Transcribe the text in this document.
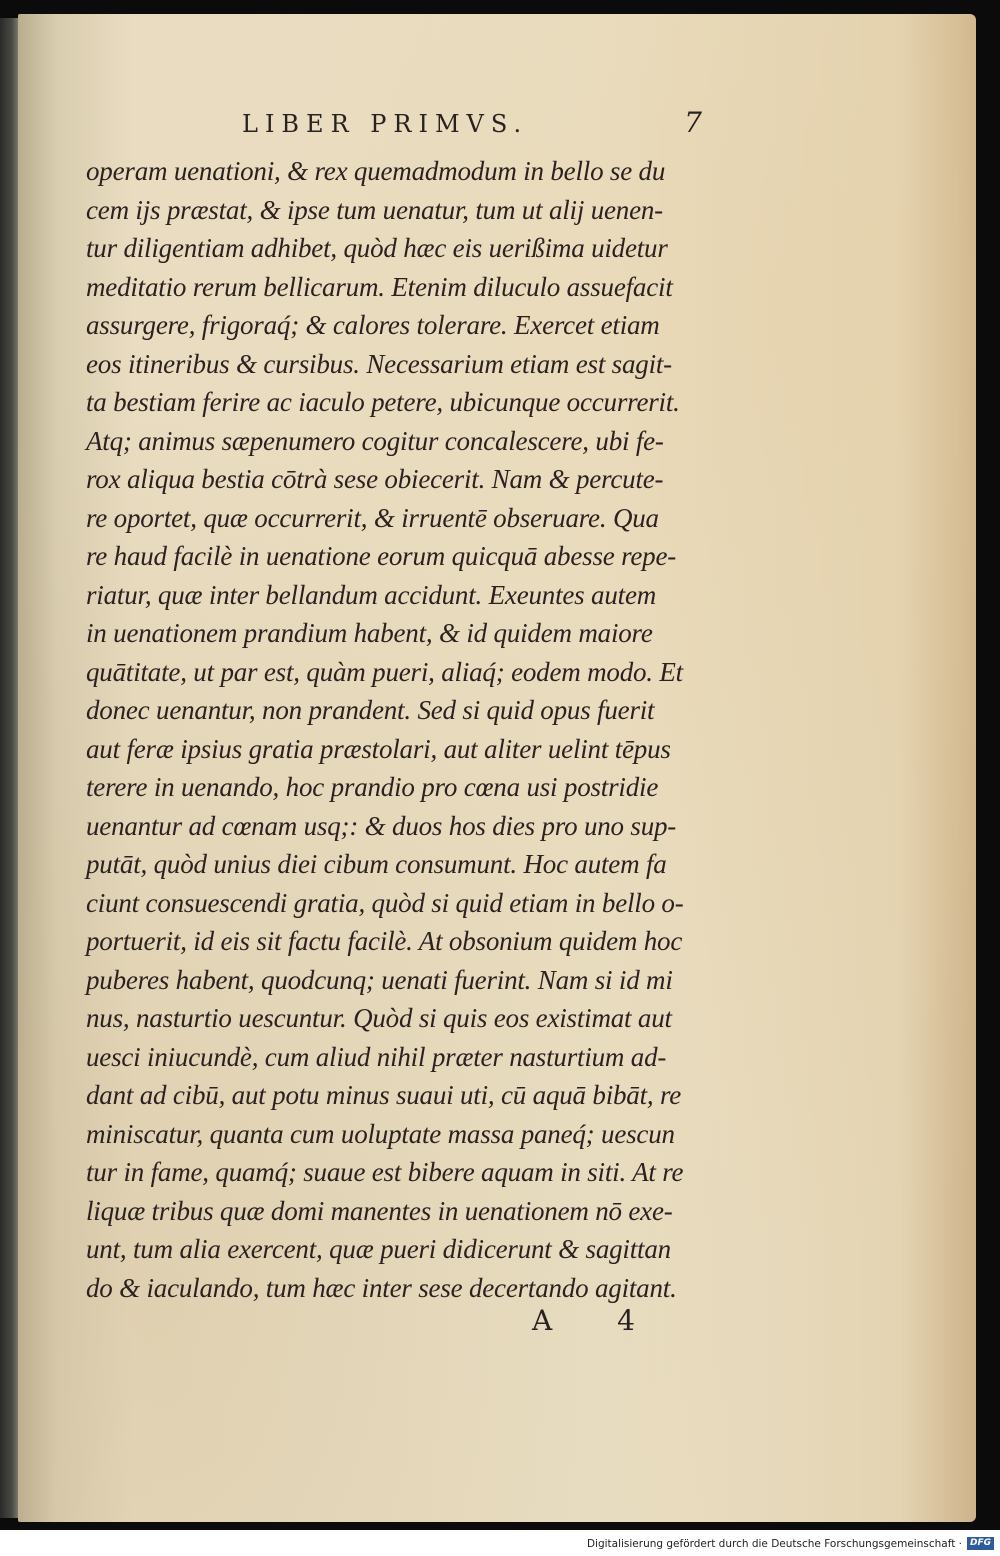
LIBER PRIMVS.	7
operam uenationi, & rex quemadmodum in bello se du
cem ijs præstat, & ipse tum uenatur, tum ut alij uenen-
tur diligentiam adhibet, quòd hæc eis uerißima uidetur
meditatio rerum bellicarum. Etenim diluculo assuefacit
assurgere, frigoraq́; & calores tolerare. Exercet etiam
eos itineribus & cursibus. Necessarium etiam est sagit-
ta bestiam ferire ac iaculo petere, ubicunque occurrerit.
Atq; animus sæpenumero cogitur concalescere, ubi fe-
rox aliqua bestia cōtrà sese obiecerit. Nam & percute-
re oportet, quæ occurrerit, & irruentē obseruare. Qua
re haud facilè in uenatione eorum quicquā abesse repe-
riatur, quæ inter bellandum accidunt. Exeuntes autem
in uenationem prandium habent, & id quidem maiore
quātitate, ut par est, quàm pueri, aliaq́; eodem modo. Et
donec uenantur, non prandent. Sed si quid opus fuerit
aut feræ ipsius gratia præstolari, aut aliter uelint tēpus
terere in uenando, hoc prandio pro cœna usi postridie
uenantur ad cœnam usq;: & duos hos dies pro uno sup-
putāt, quòd unius diei cibum consumunt. Hoc autem fa
ciunt consuescendi gratia, quòd si quid etiam in bello o-
portuerit, id eis sit factu facilè. At obsonium quidem hoc
puberes habent, quodcunq; uenati fuerint. Nam si id mi
nus, nasturtio uescuntur. Quòd si quis eos existimat aut
uesci iniucundè, cum aliud nihil præter nasturtium ad-
dant ad cibū, aut potu minus suaui uti, cū aquā bibāt, re
miniscatur, quanta cum uoluptate massa paneq́; uescun
tur in fame, quamq́; suaue est bibere aquam in siti. At re
liquæ tribus quæ domi manentes in uenationem nō exe-
unt, tum alia exercent, quæ pueri didicerunt & sagittan
do & iaculando, tum hæc inter sese decertando agitant.
A 4
Digitalisierung gefördert durch die Deutsche Forschungsgemeinschaft · DFG
